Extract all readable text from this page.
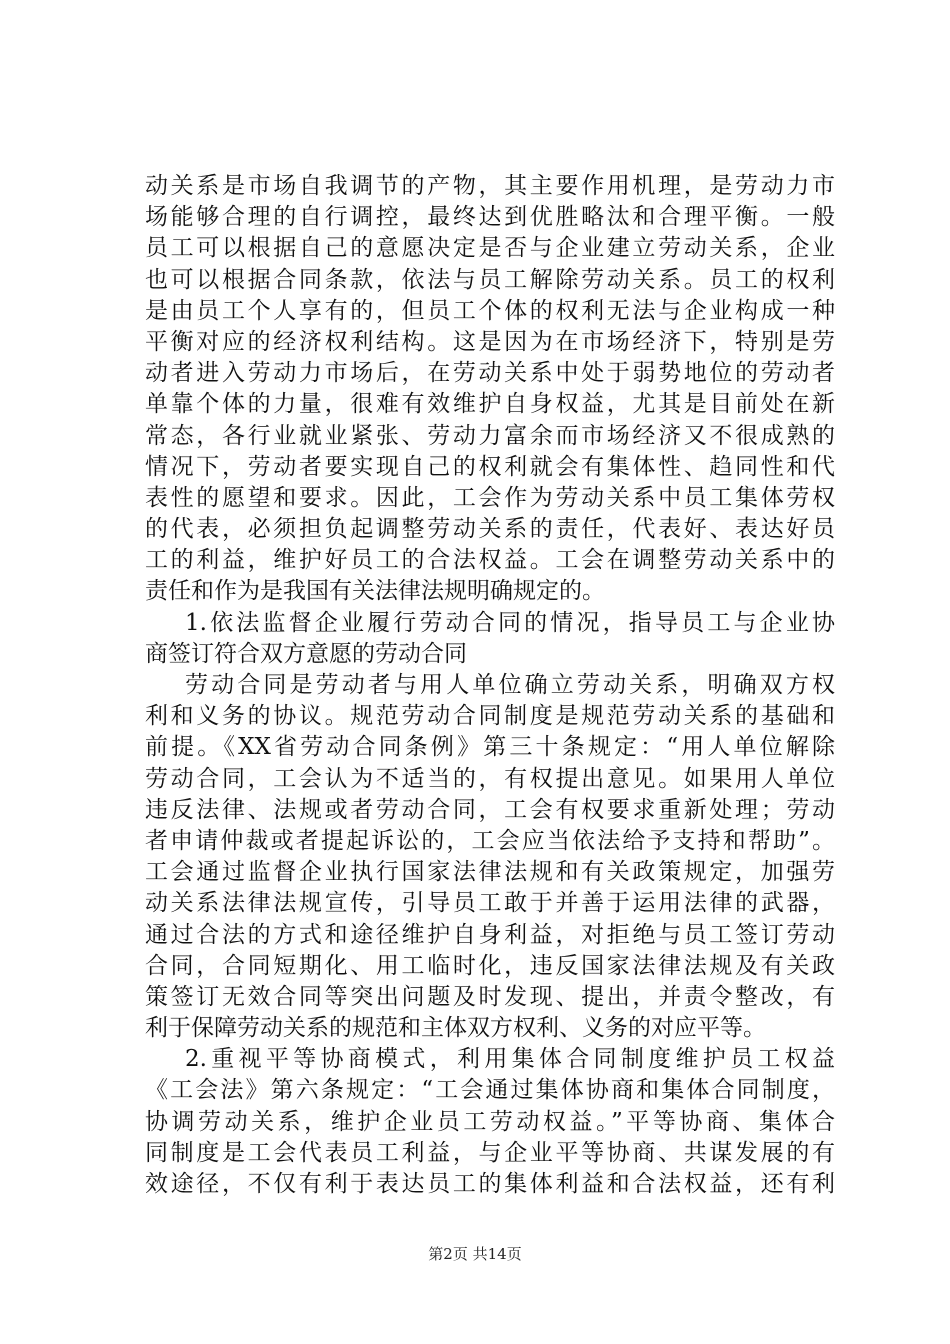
动关系是市场自我调节的产物，其主要作用机理，是劳动力市
场能够合理的自行调控，最终达到优胜略汰和合理平衡。一般
员工可以根据自己的意愿决定是否与企业建立劳动关系，企业
也可以根据合同条款，依法与员工解除劳动关系。员工的权利
是由员工个人享有的，但员工个体的权利无法与企业构成一种
平衡对应的经济权利结构。这是因为在市场经济下，特别是劳
动者进入劳动力市场后，在劳动关系中处于弱势地位的劳动者
单靠个体的力量，很难有效维护自身权益，尤其是目前处在新
常态，各行业就业紧张、劳动力富余而市场经济又不很成熟的
情况下，劳动者要实现自己的权利就会有集体性、趋同性和代
表性的愿望和要求。因此，工会作为劳动关系中员工集体劳权
的代表，必须担负起调整劳动关系的责任，代表好、表达好员
工的利益，维护好员工的合法权益。工会在调整劳动关系中的
责任和作为是我国有关法律法规明确规定的。
1.依法监督企业履行劳动合同的情况，指导员工与企业协
商签订符合双方意愿的劳动合同
劳动合同是劳动者与用人单位确立劳动关系，明确双方权
利和义务的协议。规范劳动合同制度是规范劳动关系的基础和
前提。《XX省劳动合同条例》第三十条规定：“用人单位解除
劳动合同，工会认为不适当的，有权提出意见。如果用人单位
违反法律、法规或者劳动合同，工会有权要求重新处理；劳动
者申请仲裁或者提起诉讼的，工会应当依法给予支持和帮助”。
工会通过监督企业执行国家法律法规和有关政策规定，加强劳
动关系法律法规宣传，引导员工敢于并善于运用法律的武器，
通过合法的方式和途径维护自身利益，对拒绝与员工签订劳动
合同，合同短期化、用工临时化，违反国家法律法规及有关政
策签订无效合同等突出问题及时发现、提出，并责令整改，有
利于保障劳动关系的规范和主体双方权利、义务的对应平等。
2.重视平等协商模式，利用集体合同制度维护员工权益
《工会法》第六条规定：“工会通过集体协商和集体合同制度，
协调劳动关系，维护企业员工劳动权益。”平等协商、集体合
同制度是工会代表员工利益，与企业平等协商、共谋发展的有
效途径，不仅有利于表达员工的集体利益和合法权益，还有利
第2页 共14页
